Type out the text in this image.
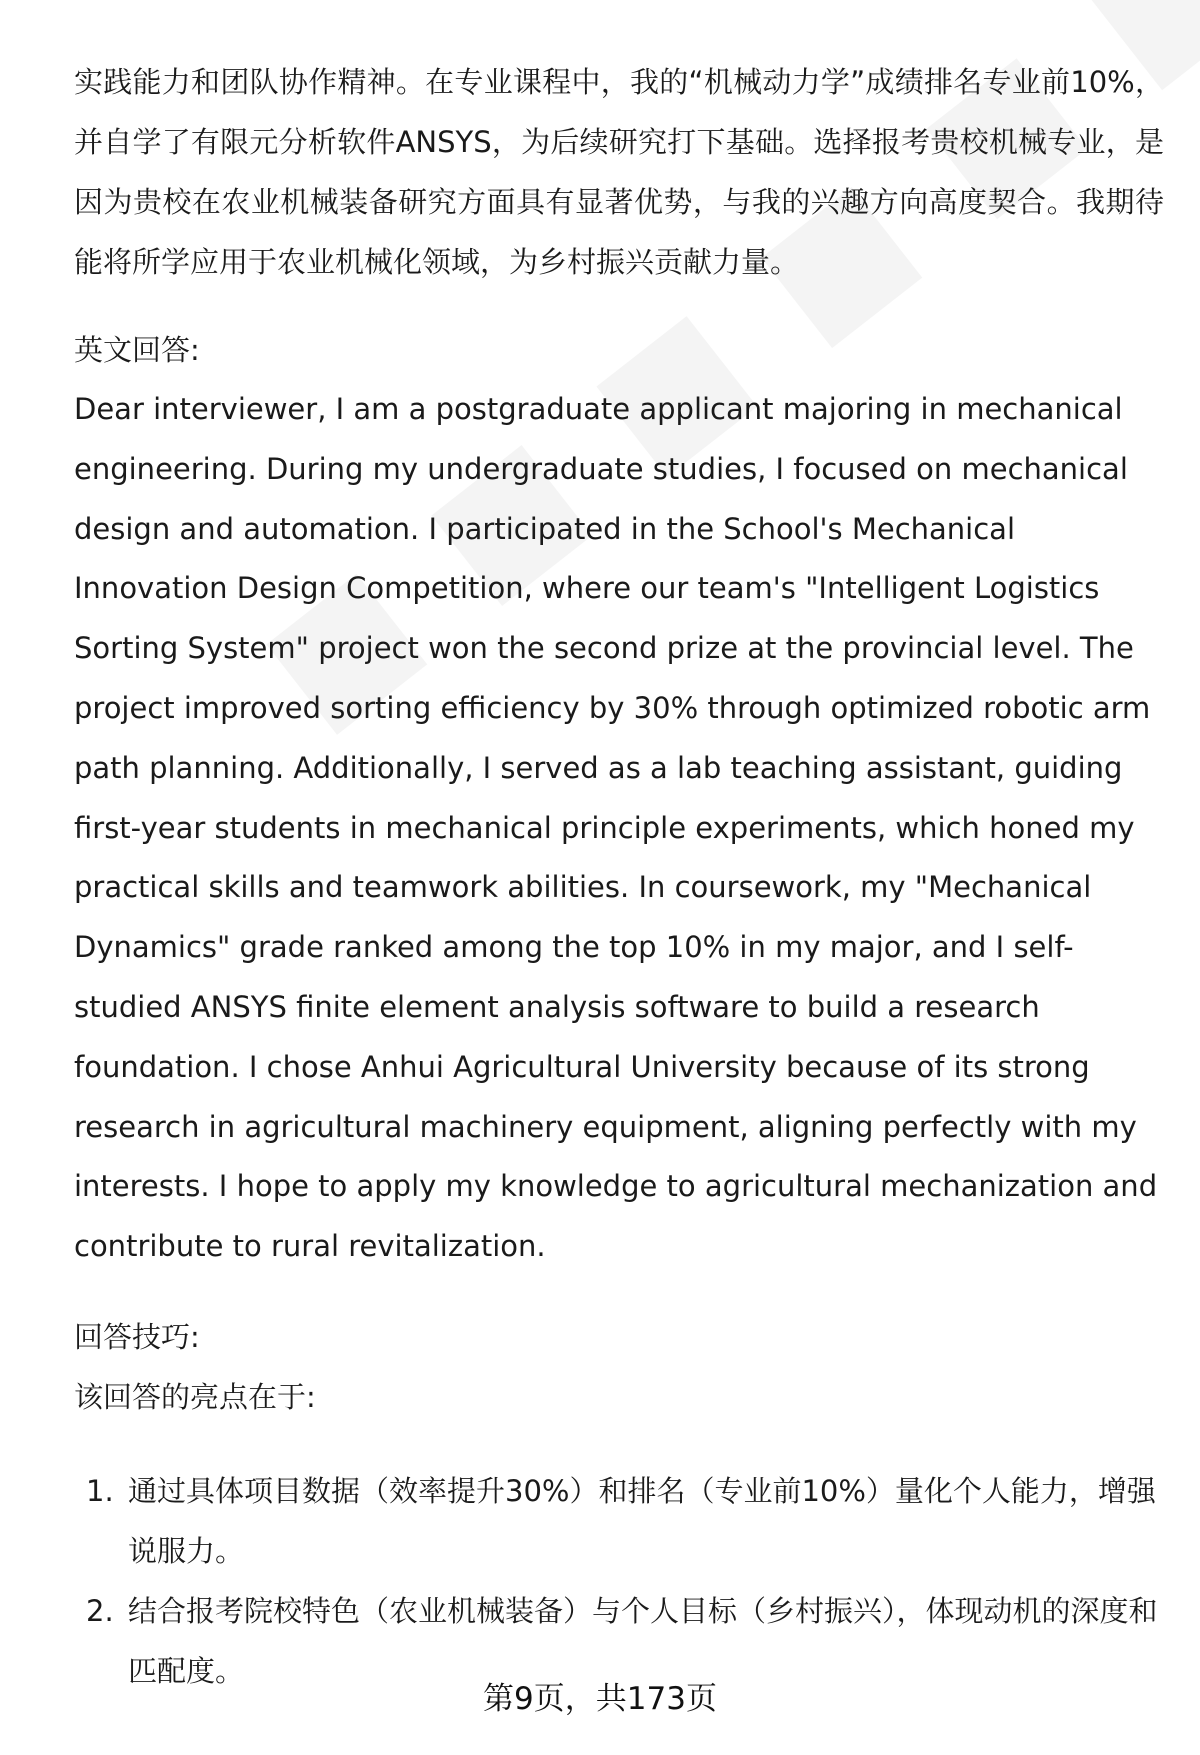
实践能力和团队协作精神。在专业课程中，我的“机械动力学”成绩排名专业前10%，并自学了有限元分析软件ANSYS，为后续研究打下基础。选择报考贵校机械专业，是因为贵校在农业机械装备研究方面具有显著优势，与我的兴趣方向高度契合。我期待能将所学应用于农业机械化领域，为乡村振兴贡献力量。

英文回答:

Dear interviewer, I am a postgraduate applicant majoring in mechanical engineering. During my undergraduate studies, I focused on mechanical design and automation. I participated in the School's Mechanical Innovation Design Competition, where our team's "Intelligent Logistics Sorting System" project won the second prize at the provincial level. The project improved sorting efficiency by 30% through optimized robotic arm path planning. Additionally, I served as a lab teaching assistant, guiding first-year students in mechanical principle experiments, which honed my practical skills and teamwork abilities. In coursework, my "Mechanical Dynamics" grade ranked among the top 10% in my major, and I self-studied ANSYS finite element analysis software to build a research foundation. I chose Anhui Agricultural University because of its strong research in agricultural machinery equipment, aligning perfectly with my interests. I hope to apply my knowledge to agricultural mechanization and contribute to rural revitalization.

回答技巧:

该回答的亮点在于:

1. 通过具体项目数据（效率提升30%）和排名（专业前10%）量化个人能力，增强说服力。
2. 结合报考院校特色（农业机械装备）与个人目标（乡村振兴），体现动机的深度和匹配度。
第9页，共173页
